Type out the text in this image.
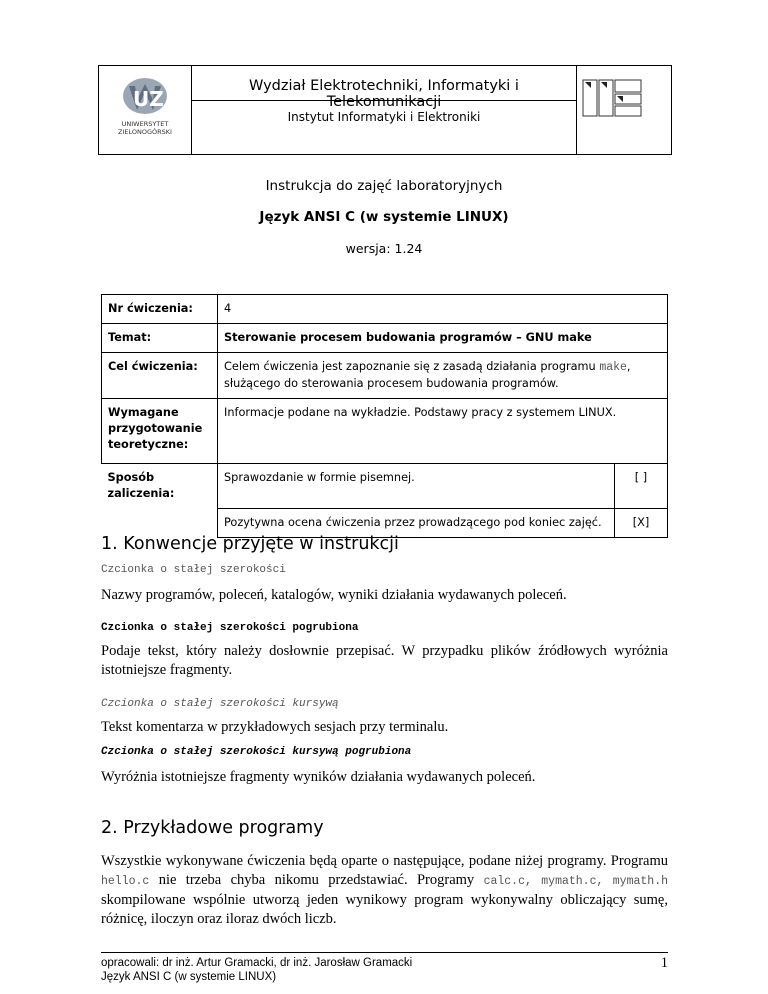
UZ
UNIWERSYTET ZIELONOGÓRSKI
Wydział Elektrotechniki, Informatyki i Telekomunikacji
Instytut Informatyki i Elektroniki
Instrukcja do zajęć laboratoryjnych
Język ANSI C (w systemie LINUX)
wersja: 1.24
Nr ćwiczenia:	4	
Temat:	Sterowanie procesem budowania programów – GNU make	
Cel ćwiczenia:	Celem ćwiczenia jest zapoznanie się z zasadą działania programu make, służącego do sterowania procesem budowania programów.	
Wymagane przygotowanie teoretyczne:	Informacje podane na wykładzie. Podstawy pracy z systemem LINUX.	
Sposób zaliczenia:	Sprawozdanie w formie pisemnej.	[ ]
	Pozytywna ocena ćwiczenia przez prowadzącego pod koniec zajęć.	[X]
1. Konwencje przyjęte w instrukcji
Czcionka o stałej szerokości
Nazwy programów, poleceń, katalogów, wyniki działania wydawanych poleceń.
Czcionka o stałej szerokości pogrubiona
Podaje tekst, który należy dosłownie przepisać. W przypadku plików źródłowych wyróżnia istotniejsze fragmenty.
Czcionka o stałej szerokości kursywą
Tekst komentarza w przykładowych sesjach przy terminalu.
Czcionka o stałej szerokości kursywą pogrubiona
Wyróżnia istotniejsze fragmenty wyników działania wydawanych poleceń.
2. Przykładowe programy
Wszystkie wykonywane ćwiczenia będą oparte o następujące, podane niżej programy. Programu hello.c nie trzeba chyba nikomu przedstawiać. Programy calc.c, mymath.c, mymath.h skompilowane wspólnie utworzą jeden wynikowy program wykonywalny obliczający sumę, różnicę, iloczyn oraz iloraz dwóch liczb.
opracowali: dr inż. Artur Gramacki, dr inż. Jarosław Gramacki
Język ANSI C (w systemie LINUX)
1
